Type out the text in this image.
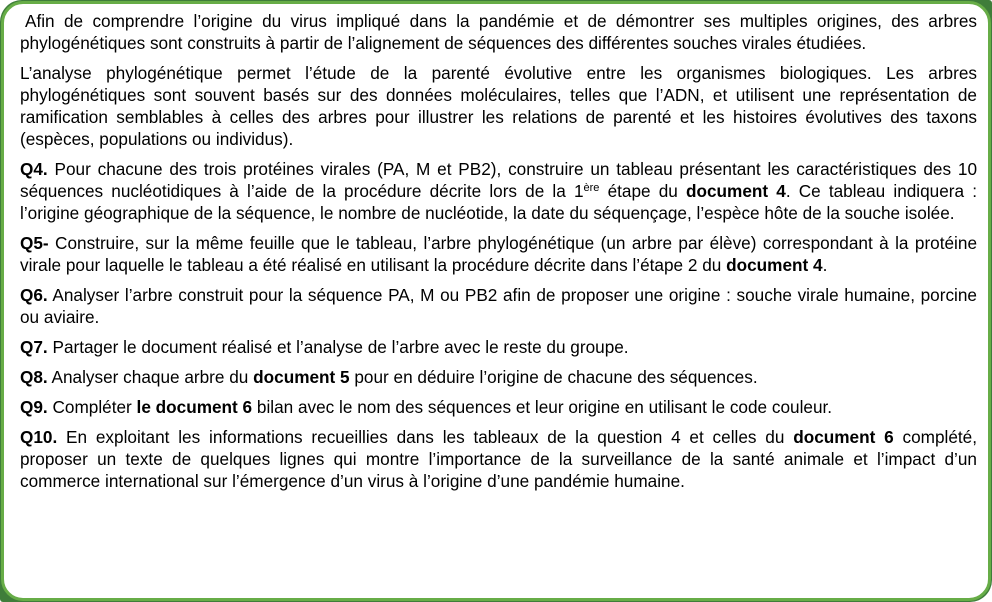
Afin de comprendre l’origine du virus impliqué dans la pandémie et de démontrer ses multiples origines, des arbres phylogénétiques sont construits à partir de l’alignement de séquences des différentes souches virales étudiées.

L’analyse phylogénétique permet l’étude de la parenté évolutive entre les organismes biologiques. Les arbres phylogénétiques sont souvent basés sur des données moléculaires, telles que l’ADN, et utilisent une représentation de ramification semblables à celles des arbres pour illustrer les relations de parenté et les histoires évolutives des taxons (espèces, populations ou individus).

Q4. Pour chacune des trois protéines virales (PA, M et PB2), construire un tableau présentant les caractéristiques des 10 séquences nucléotidiques à l’aide de la procédure décrite lors de la 1ère étape du document 4. Ce tableau indiquera : l’origine géographique de la séquence, le nombre de nucléotide, la date du séquençage, l’espèce hôte de la souche isolée.

Q5- Construire, sur la même feuille que le tableau, l’arbre phylogénétique (un arbre par élève) correspondant à la protéine virale pour laquelle le tableau a été réalisé en utilisant la procédure décrite dans l’étape 2 du document 4.

Q6. Analyser l’arbre construit pour la séquence PA, M ou PB2 afin de proposer une origine : souche virale humaine, porcine ou aviaire.

Q7. Partager le document réalisé et l’analyse de l’arbre avec le reste du groupe.

Q8. Analyser chaque arbre du document 5 pour en déduire l’origine de chacune des séquences.

Q9. Compléter le document 6 bilan avec le nom des séquences et leur origine en utilisant le code couleur.

Q10. En exploitant les informations recueillies dans les tableaux de la question 4 et celles du document 6 complété, proposer un texte de quelques lignes qui montre l’importance de la surveillance de la santé animale et l’impact d’un commerce international sur l’émergence d’un virus à l’origine d’une pandémie humaine.
